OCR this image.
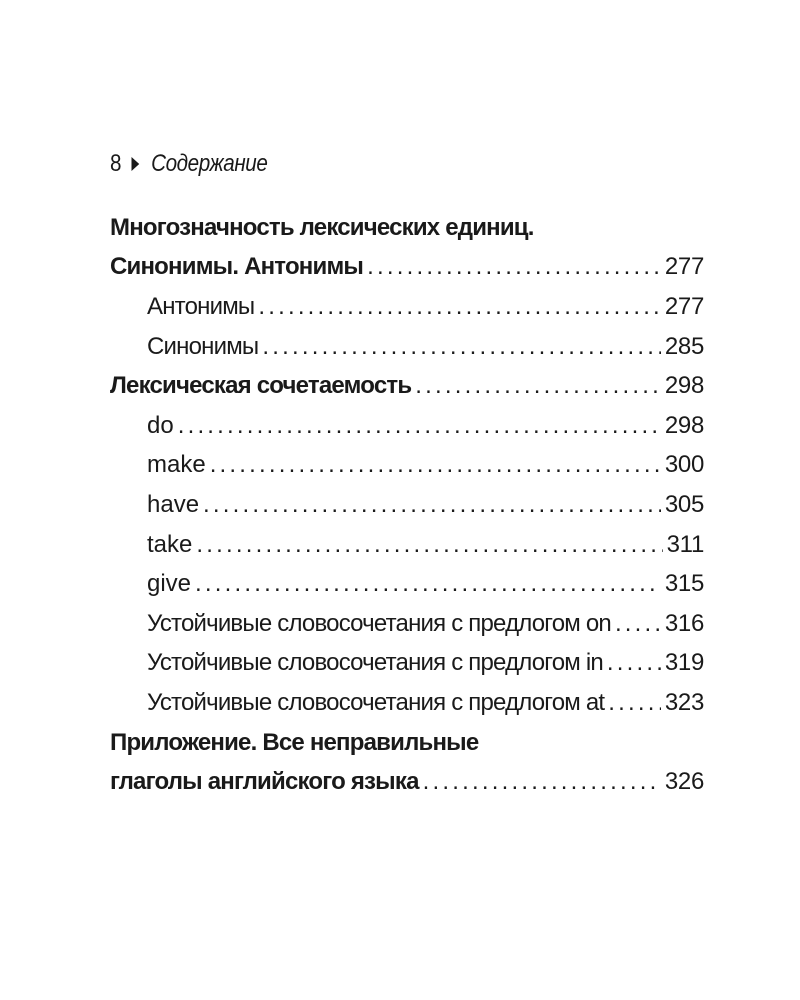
8 Содержание
Многозначность лексических единиц.
Синонимы. Антонимы .....	277
Антонимы .....	277
Синонимы .....	285
Лексическая сочетаемость .....	298
do .....	298
make .....	300
have .....	305
take .....	311
give .....	315
Устойчивые словосочетания с предлогом on ..... 316
Устойчивые словосочетания с предлогом in .....	319
Устойчивые словосочетания с предлогом at .....	323
Приложение. Все неправильные
глаголы английского языка .....	326
